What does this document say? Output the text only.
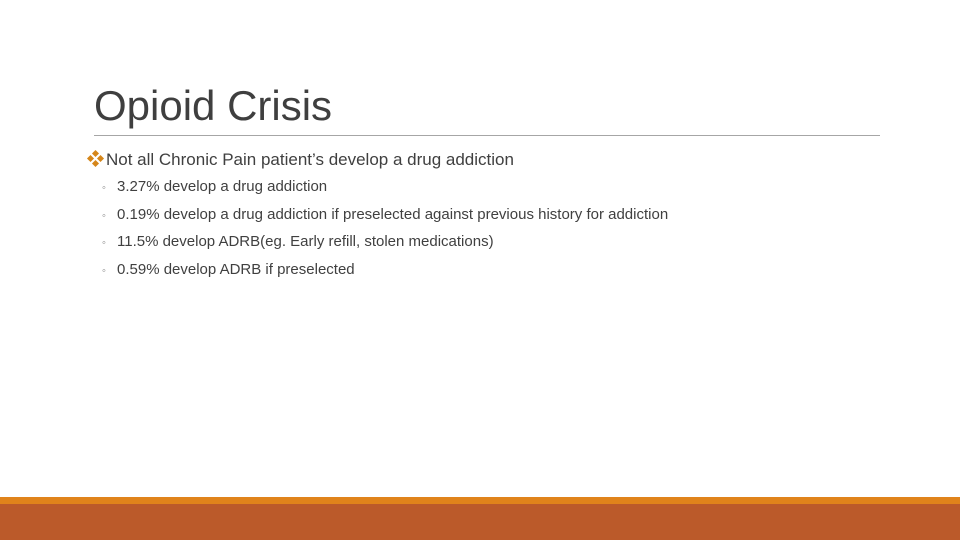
Opioid Crisis
Not all Chronic Pain patient’s develop a drug addiction
◦ 3.27% develop a drug addiction
◦ 0.19% develop a drug addiction if preselected against previous history for addiction
◦ 11.5% develop ADRB(eg. Early refill, stolen medications)
◦ 0.59% develop ADRB if preselected
